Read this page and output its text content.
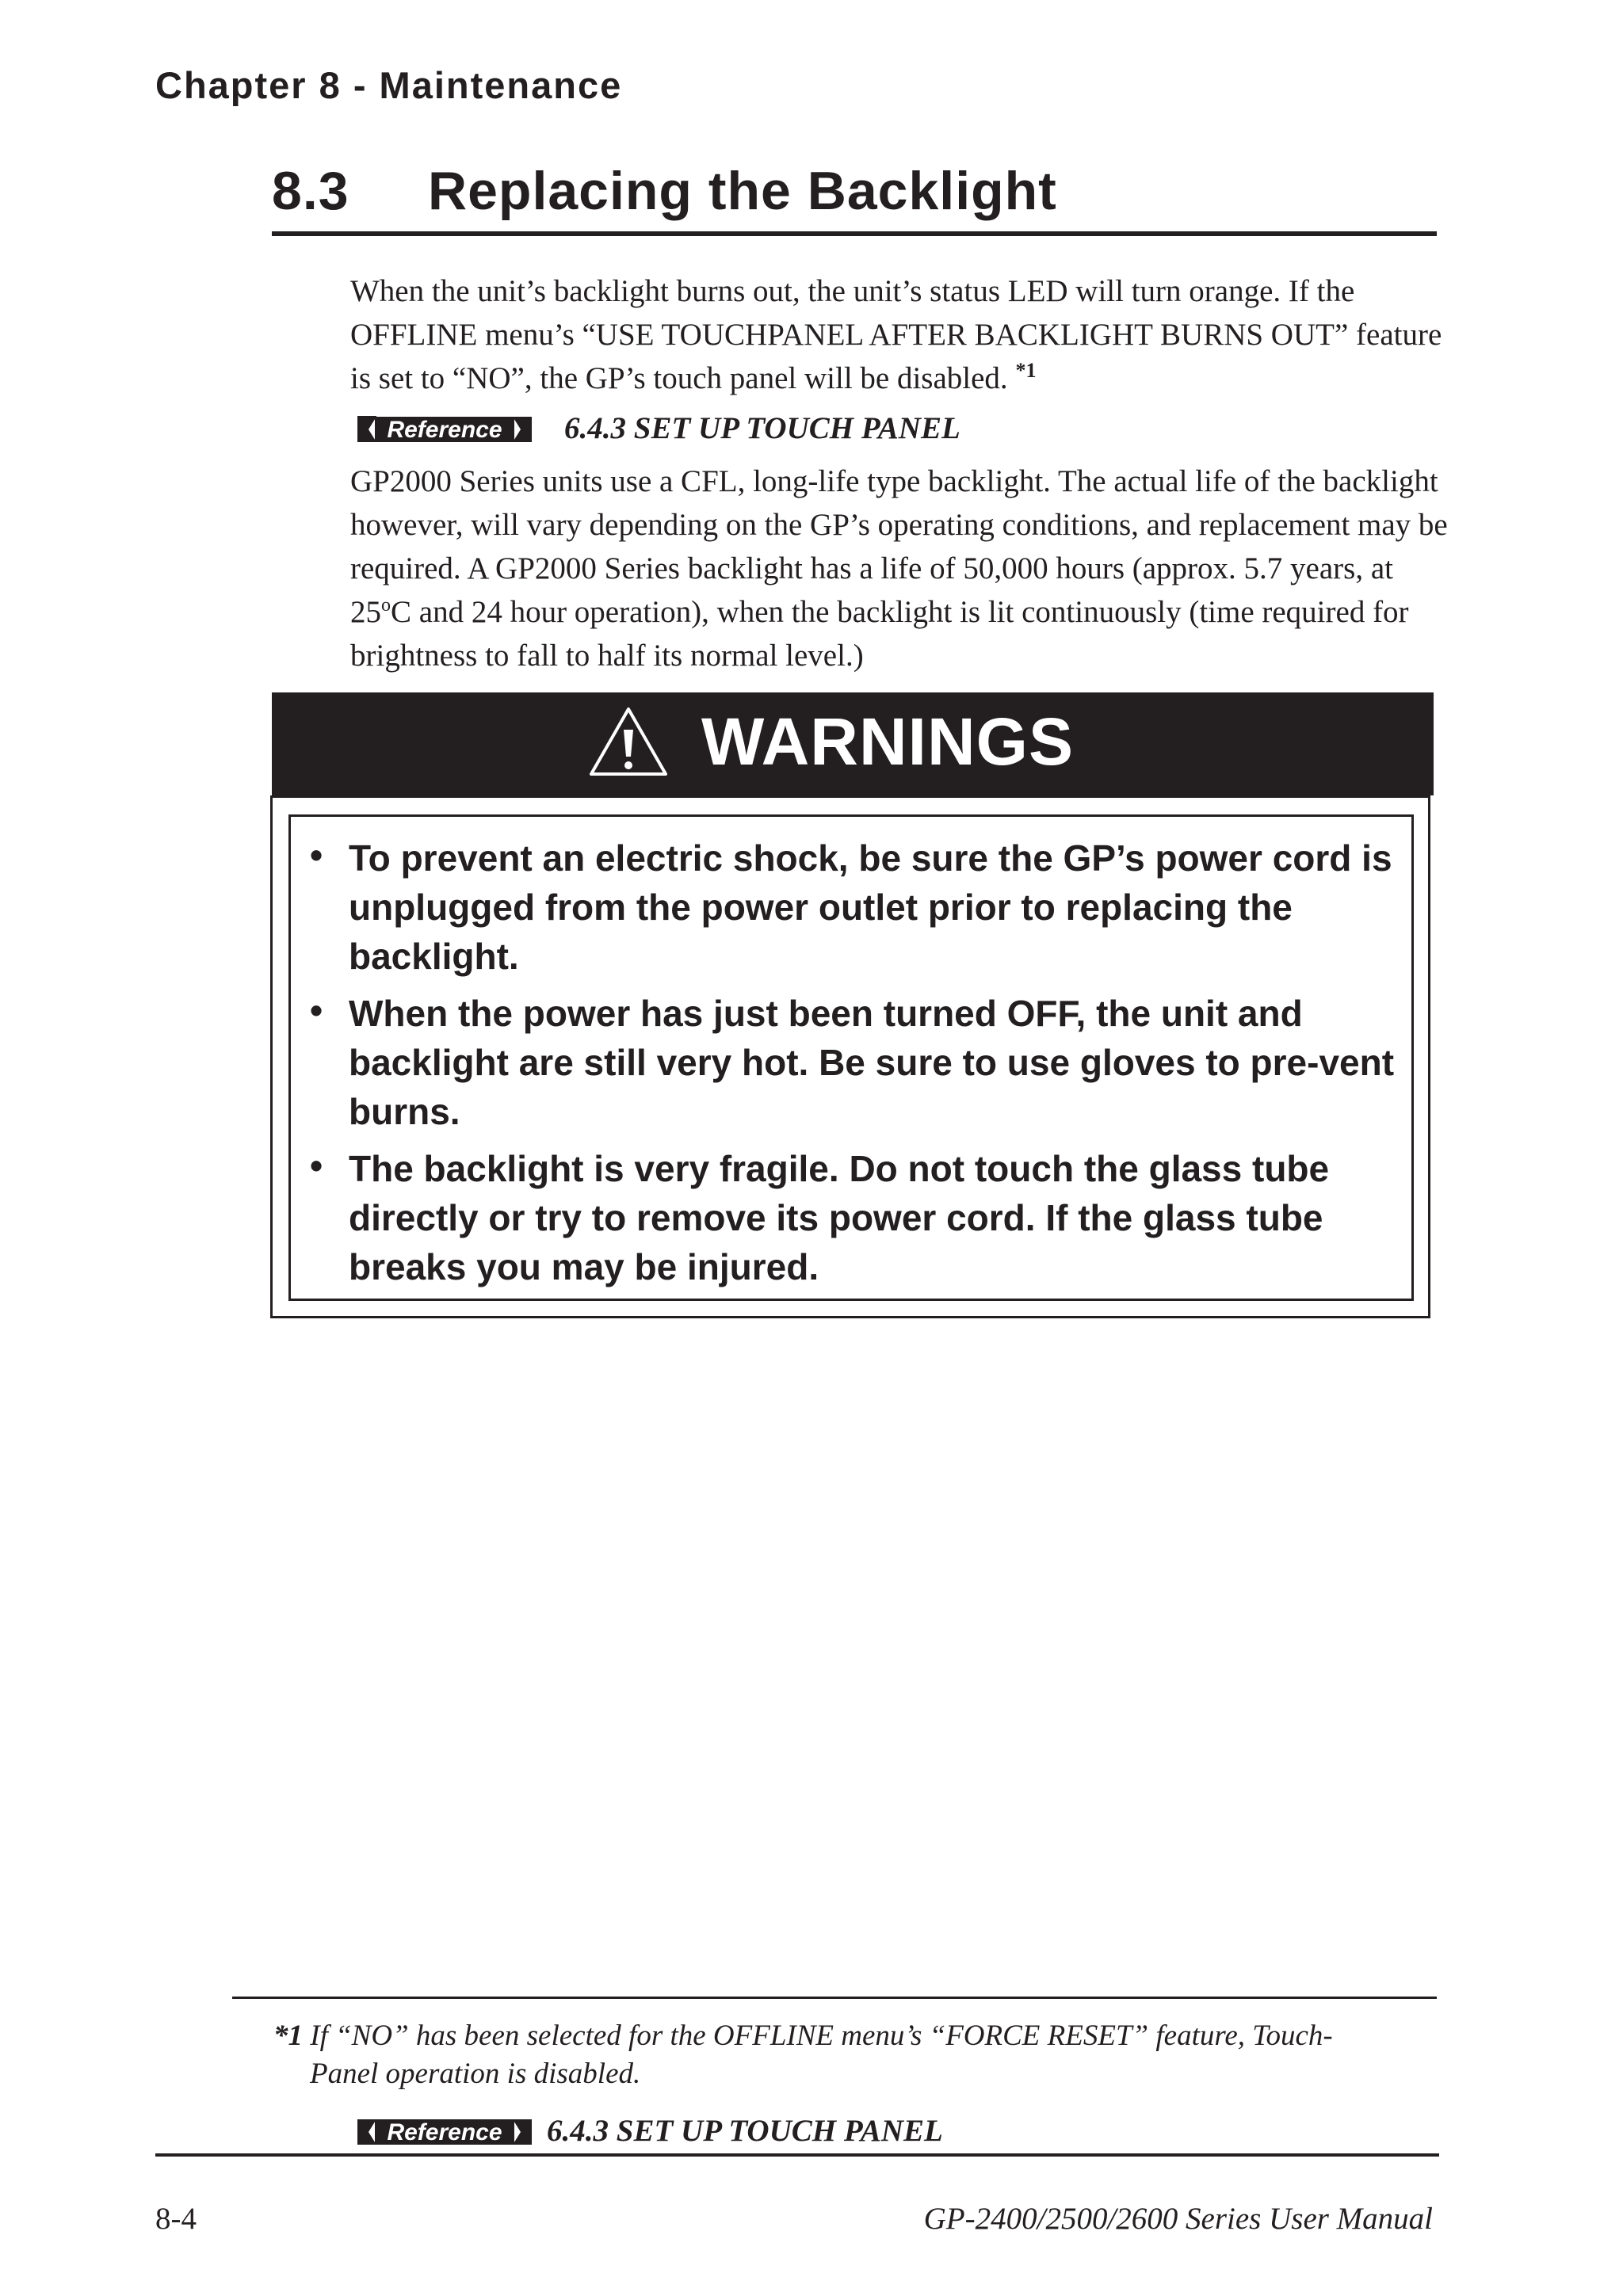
Chapter 8 - Maintenance
8.3 Replacing the Backlight
When the unit’s backlight burns out, the unit’s status LED will turn orange. If the OFFLINE menu’s “USE TOUCHPANEL AFTER BACKLIGHT BURNS OUT” feature is set to “NO”, the GP’s touch panel will be disabled. $^{*1}$
Reference 6.4.3 SET UP TOUCH PANEL
GP2000 Series units use a CFL, long-life type backlight. The actual life of the backlight however, will vary depending on the GP’s operating conditions, and replacement may be required. A GP2000 Series backlight has a life of 50,000 hours (approx. 5.7 years, at 25$^o$C and 24 hour operation), when the backlight is lit continuously (time required for brightness to fall to half its normal level.)
WARNINGS
• To prevent an electric shock, be sure the GP’s power cord is unplugged from the power outlet prior to replacing the backlight.
• When the power has just been turned OFF, the unit and backlight are still very hot. Be sure to use gloves to pre-vent burns.
• The backlight is very fragile. Do not touch the glass tube directly or try to remove its power cord. If the glass tube breaks you may be injured.
*1 If “NO” has been selected for the OFFLINE menu’s “FORCE RESET” feature, Touch-
Panel operation is disabled.
Reference 6.4.3 SET UP TOUCH PANEL
8-4	GP-2400/2500/2600 Series User Manual
